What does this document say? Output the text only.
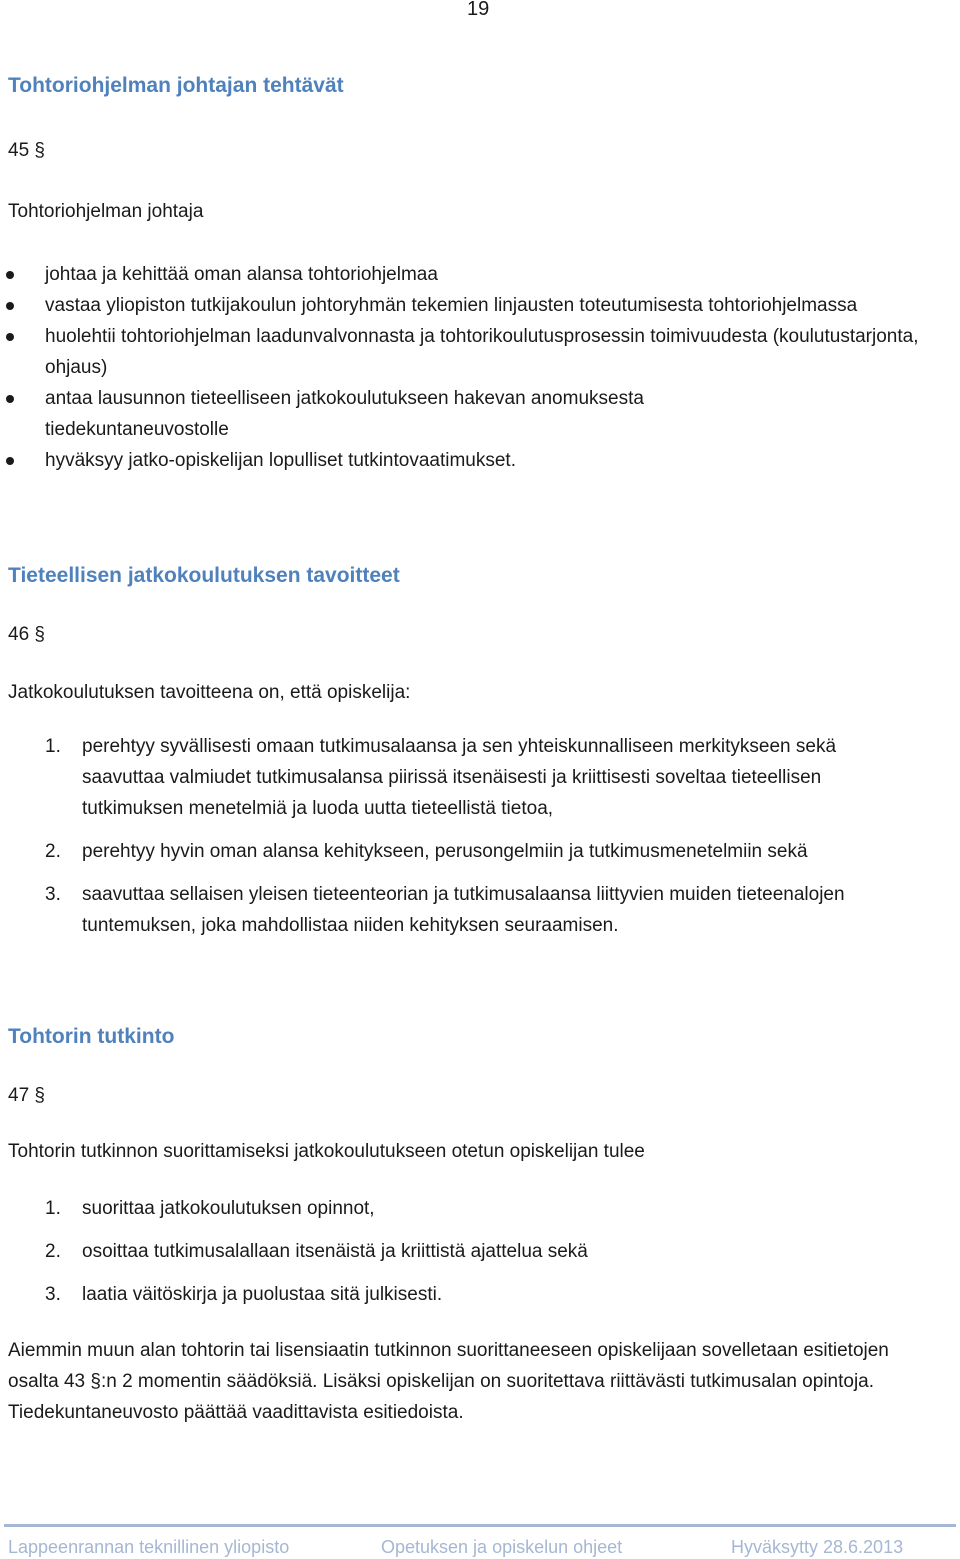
19
Tohtoriohjelman johtajan tehtävät
45 §
Tohtoriohjelman johtaja
johtaa ja kehittää oman alansa tohtoriohjelmaa
vastaa yliopiston tutkijakoulun johtoryhmän tekemien linjausten toteutumisesta tohtoriohjelmassa
huolehtii tohtoriohjelman laadunvalvonnasta ja tohtorikoulutusprosessin toimivuudesta (koulutustarjonta, ohjaus)
antaa lausunnon tieteelliseen jatkokoulutukseen hakevan anomuksesta tiedekuntaneuvostolle
hyväksyy jatko-opiskelijan lopulliset tutkintovaatimukset.
Tieteellisen jatkokoulutuksen tavoitteet
46 §
Jatkokoulutuksen tavoitteena on, että opiskelija:
1. perehtyy syvällisesti omaan tutkimusalaansa ja sen yhteiskunnalliseen merkitykseen sekä saavuttaa valmiudet tutkimusalansa piirissä itsenäisesti ja kriittisesti soveltaa tieteellisen tutkimuksen menetelmiä ja luoda uutta tieteellistä tietoa,
2. perehtyy hyvin oman alansa kehitykseen, perusongelmiin ja tutkimusmenetelmiin sekä
3. saavuttaa sellaisen yleisen tieteenteorian ja tutkimusalaansa liittyvien muiden tieteenalojen tuntemuksen, joka mahdollistaa niiden kehityksen seuraamisen.
Tohtorin tutkinto
47 §
Tohtorin tutkinnon suorittamiseksi jatkokoulutukseen otetun opiskelijan tulee
1. suorittaa jatkokoulutuksen opinnot,
2. osoittaa tutkimusalallaan itsenäistä ja kriittistä ajattelua sekä
3. laatia väitöskirja ja puolustaa sitä julkisesti.

Aiemmin muun alan tohtorin tai lisensiaatin tutkinnon suorittaneeseen opiskelijaan sovelletaan esitietojen osalta 43 §:n 2 momentin säädöksiä. Lisäksi opiskelijan on suoritettava riittävästi tutkimusalan opintoja. Tiedekuntaneuvosto päättää vaadittavista esitiedoista.

Lappeenrannan teknillinen yliopisto	Opetuksen ja opiskelun ohjeet	Hyväksytty 28.6.2013
